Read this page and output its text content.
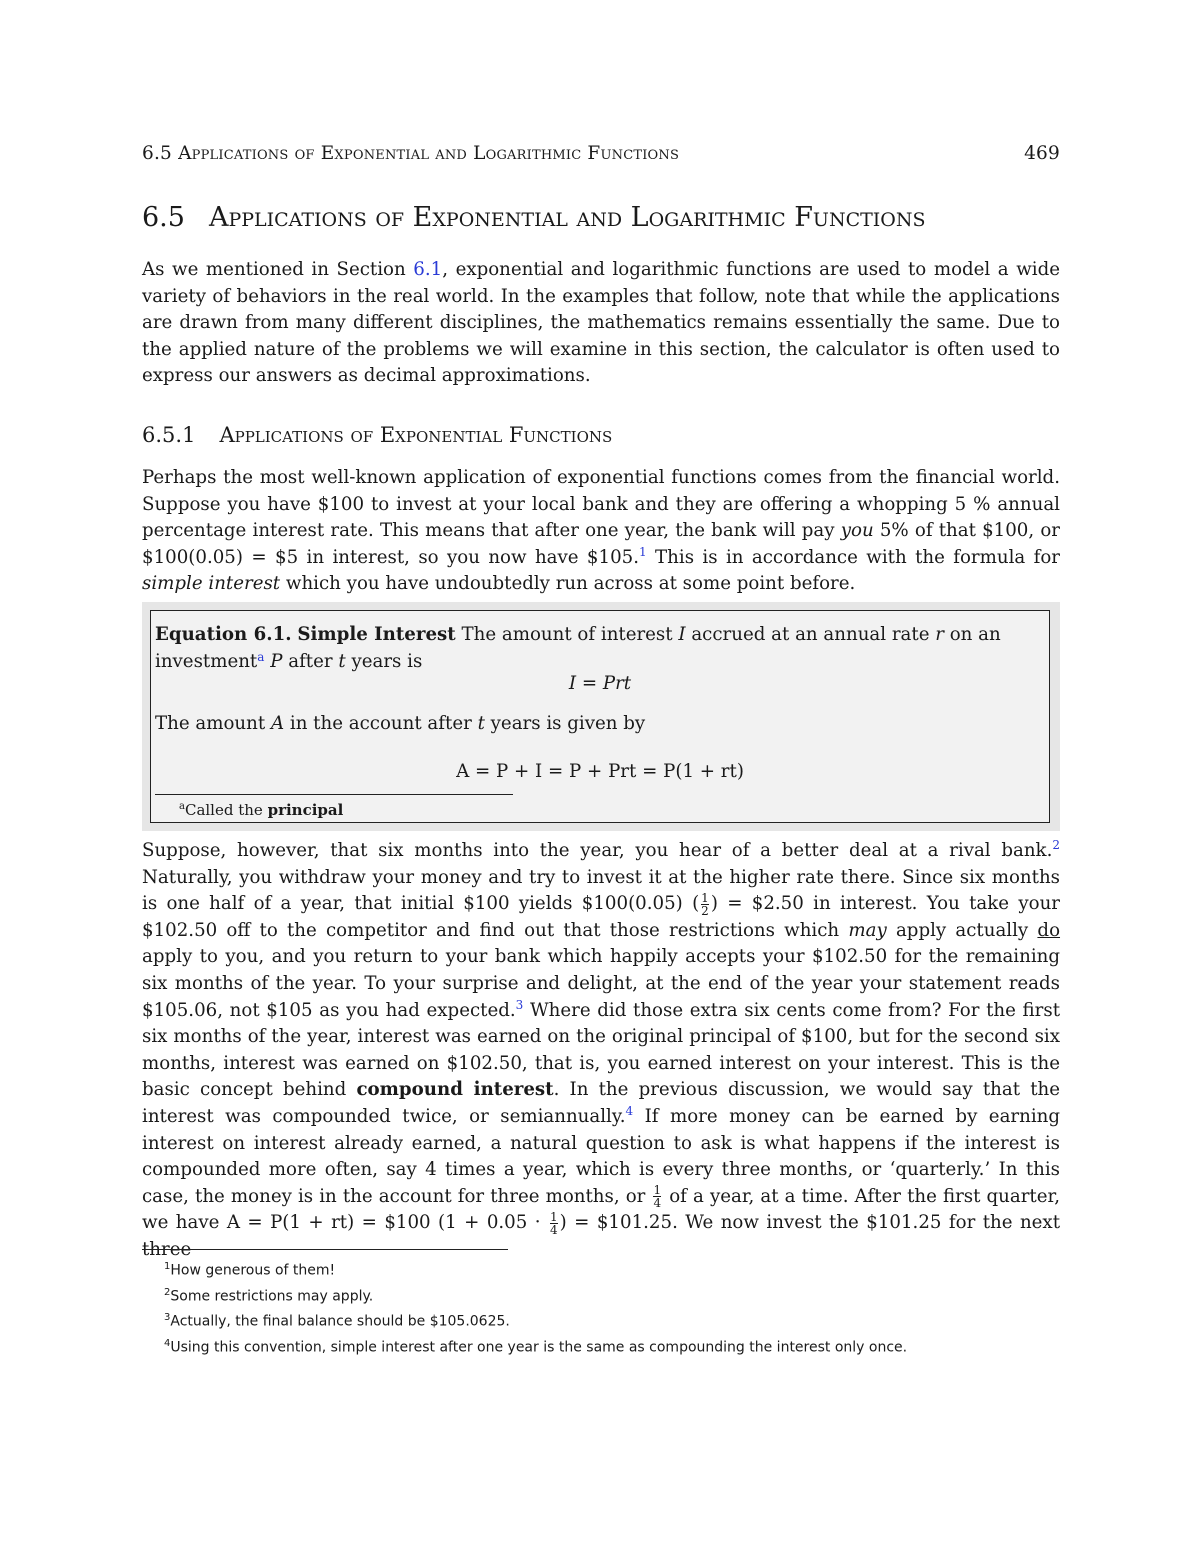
6.5 Applications of Exponential and Logarithmic Functions	469
6.5 Applications of Exponential and Logarithmic Functions

As we mentioned in Section 6.1, exponential and logarithmic functions are used to model a wide variety of behaviors in the real world. In the examples that follow, note that while the applications are drawn from many different disciplines, the mathematics remains essentially the same. Due to the applied nature of the problems we will examine in this section, the calculator is often used to express our answers as decimal approximations.

6.5.1 Applications of Exponential Functions

Perhaps the most well-known application of exponential functions comes from the financial world. Suppose you have $100 to invest at your local bank and they are offering a whopping 5 % annual percentage interest rate. This means that after one year, the bank will pay you 5% of that $100, or $100(0.05) = $5 in interest, so you now have $105.$^1$ This is in accordance with the formula for simple interest which you have undoubtedly run across at some point before.

Equation 6.1. Simple Interest The amount of interest I accrued at an annual rate r on an investment$^a$ P after t years is
I = Prt
The amount A in the account after t years is given by
A = P + I = P + Prt = P(1 + rt)
$^a$Called the principal

Suppose, however, that six months into the year, you hear of a better deal at a rival bank.$^2$ Naturally, you withdraw your money and try to invest it at the higher rate there. Since six months is one half of a year, that initial $100 yields $100(0.05) ( $\frac{1}{2}$ ) = $2.50 in interest. You take your $102.50 off to the competitor and find out that those restrictions which may apply actually do apply to you, and you return to your bank which happily accepts your $102.50 for the remaining six months of the year. To your surprise and delight, at the end of the year your statement reads $105.06, not $105 as you had expected.$^3$ Where did those extra six cents come from? For the first six months of the year, interest was earned on the original principal of $100, but for the second six months, interest was earned on $102.50, that is, you earned interest on your interest. This is the basic concept behind compound interest. In the previous discussion, we would say that the interest was compounded twice, or semiannually.$^4$ If more money can be earned by earning interest on interest already earned, a natural question to ask is what happens if the interest is compounded more often, say 4 times a year, which is every three months, or ‘quarterly.’ In this case, the money is in the account for three months, or $\frac{1}{4}$ of a year, at a time. After the first quarter, we have A = P(1 + rt) = $100 ($1 + 0.05 \cdot \frac{1}{4}$ ) = $101.25. We now invest the $101.25 for the next three

$^1$How generous of them!
$^2$Some restrictions may apply.
$^3$Actually, the final balance should be $105.0625.
$^4$Using this convention, simple interest after one year is the same as compounding the interest only once.
